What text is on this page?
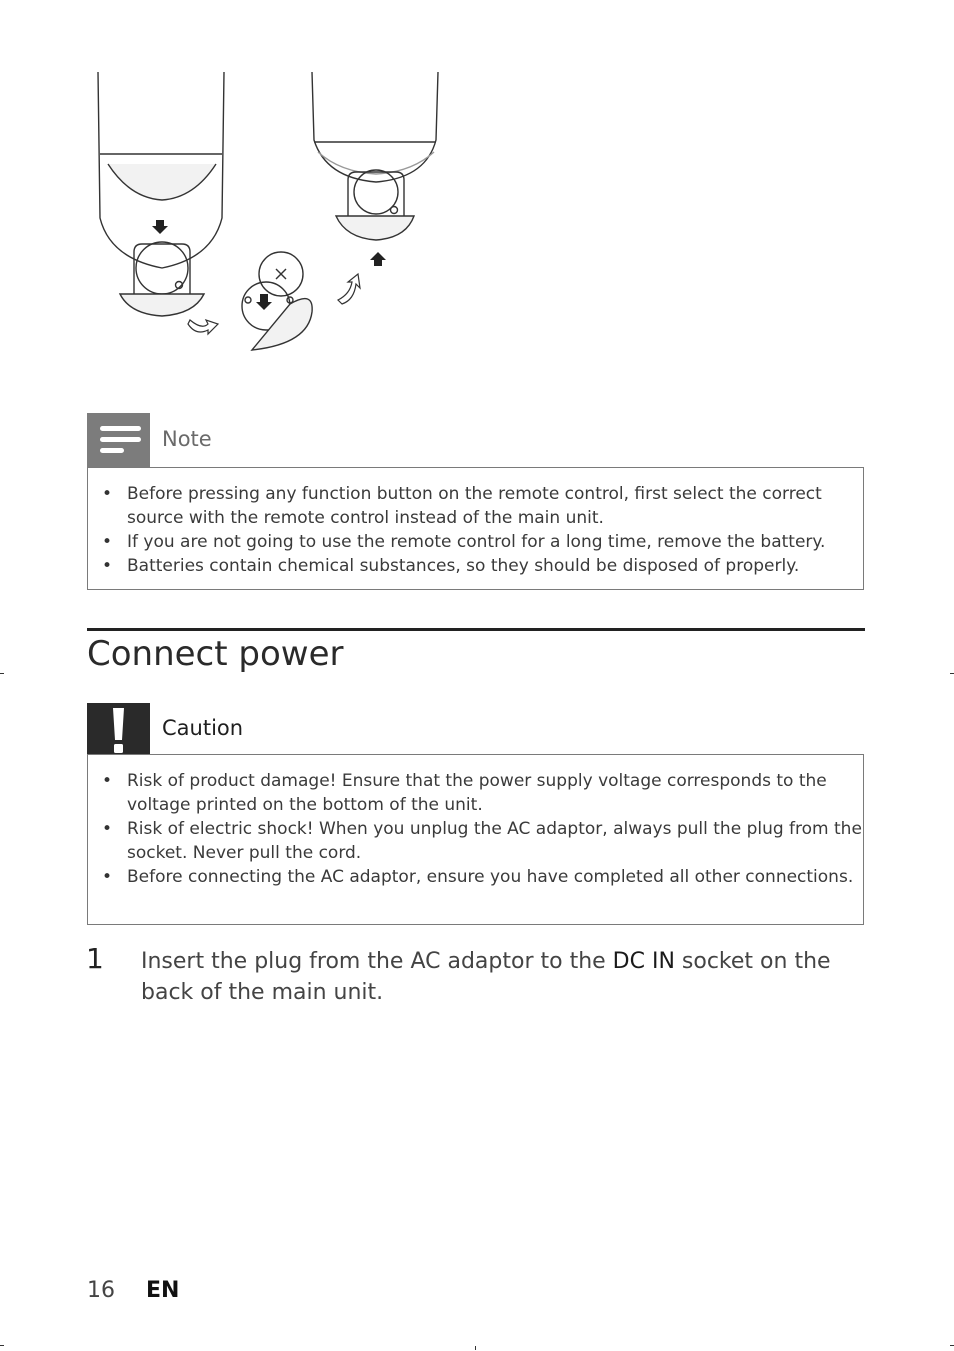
Note
• Before pressing any function button on the remote control, first select the correct source with the remote control instead of the main unit.
• If you are not going to use the remote control for a long time, remove the battery.
• Batteries contain chemical substances, so they should be disposed of properly.
Connect power
Caution
• Risk of product damage! Ensure that the power supply voltage corresponds to the voltage printed on the bottom of the unit.
• Risk of electric shock! When you unplug the AC adaptor, always pull the plug from the socket. Never pull the cord.
• Before connecting the AC adaptor, ensure you have completed all other connections.
1 Insert the plug from the AC adaptor to the DC IN socket on the back of the main unit.
16 EN
